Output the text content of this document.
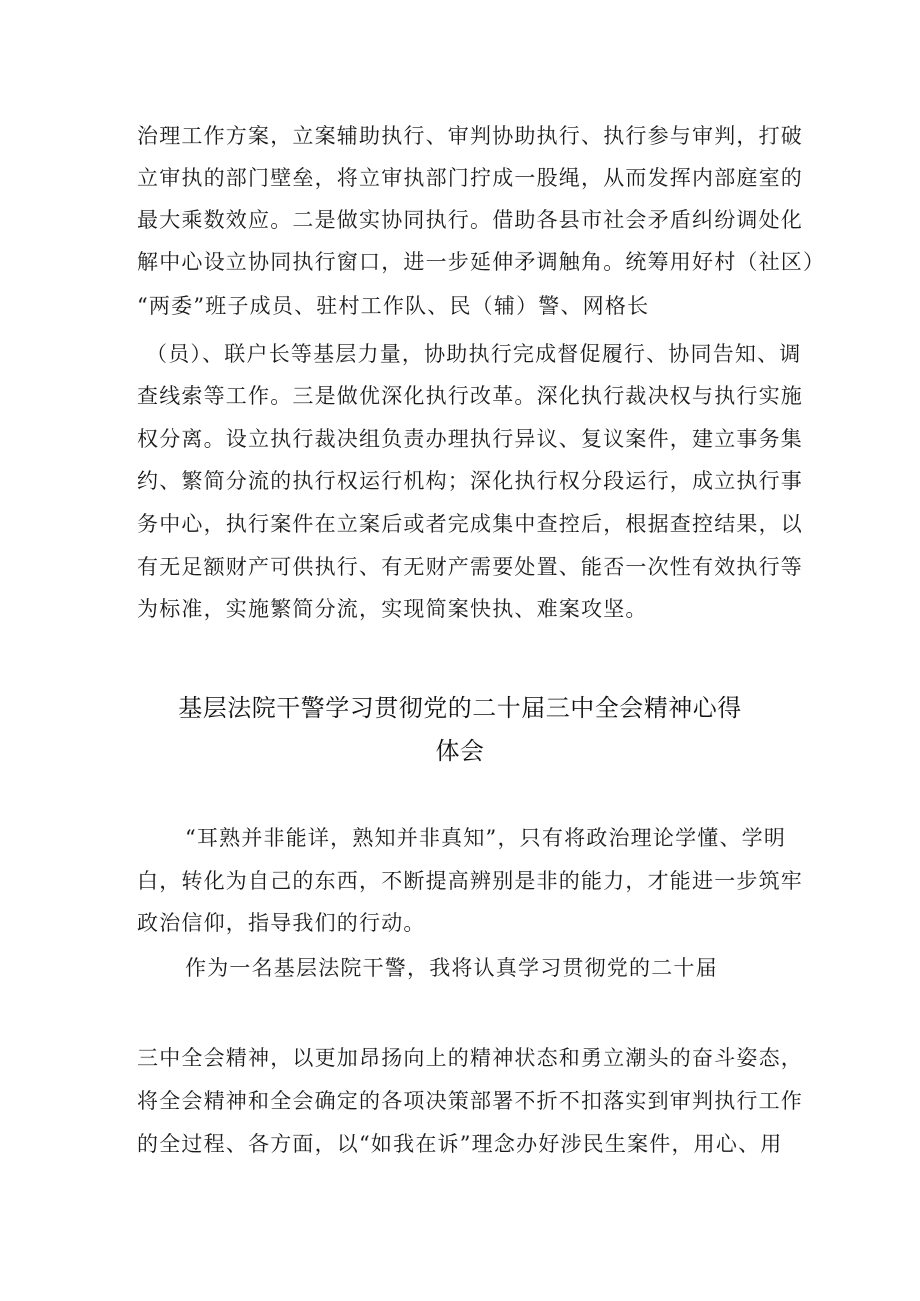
治理工作方案，立案辅助执行、审判协助执行、执行参与审判，打破
立审执的部门壁垒，将立审执部门拧成一股绳，从而发挥内部庭室的
最大乘数效应。二是做实协同执行。借助各县市社会矛盾纠纷调处化
解中心设立协同执行窗口，进一步延伸矛调触角。统筹用好村（社区）
“两委”班子成员、驻村工作队、民（辅）警、网格长
（员）、联户长等基层力量，协助执行完成督促履行、协同告知、调
查线索等工作。三是做优深化执行改革。深化执行裁决权与执行实施
权分离。设立执行裁决组负责办理执行异议、复议案件，建立事务集
约、繁简分流的执行权运行机构；深化执行权分段运行，成立执行事
务中心，执行案件在立案后或者完成集中查控后，根据查控结果，以
有无足额财产可供执行、有无财产需要处置、能否一次性有效执行等
为标准，实施繁简分流，实现简案快执、难案攻坚。
基层法院干警学习贯彻党的二十届三中全会精神心得
体会
“耳熟并非能详，熟知并非真知”，只有将政治理论学懂、学明
白，转化为自己的东西，不断提高辨别是非的能力，才能进一步筑牢
政治信仰，指导我们的行动。
作为一名基层法院干警，我将认真学习贯彻党的二十届
三中全会精神，以更加昂扬向上的精神状态和勇立潮头的奋斗姿态，
将全会精神和全会确定的各项决策部署不折不扣落实到审判执行工作
的全过程、各方面，以“如我在诉”理念办好涉民生案件，用心、用
